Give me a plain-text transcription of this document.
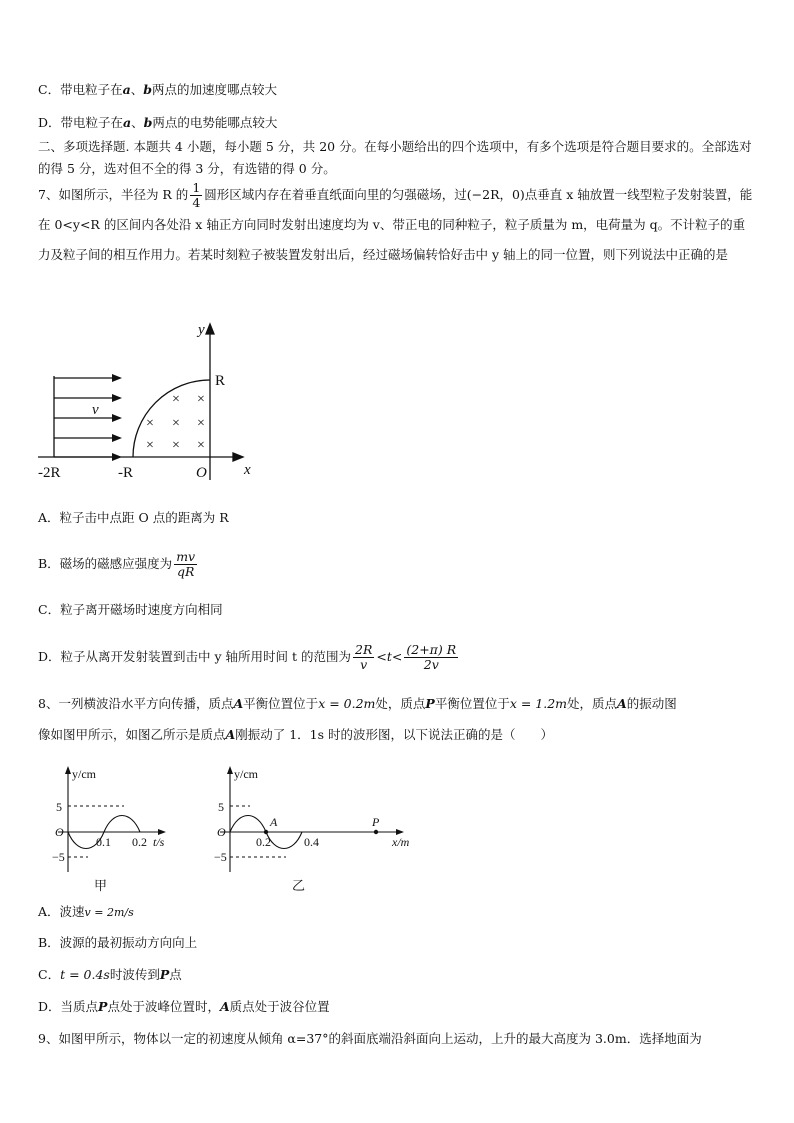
C．带电粒子在a、b两点的加速度哪点较大
D．带电粒子在a、b两点的电势能哪点较大
二、多项选择题. 本题共 4 小题，每小题 5 分，共 20 分。在每小题给出的四个选项中，有多个选项是符合题目要求的。全部选对的得 5 分，选对但不全的得 3 分，有选错的得 0 分。
7、如图所示，半径为 R 的 $\frac{1}{4}$ 圆形区域内存在着垂直纸面向里的匀强磁场，过(−2R，0)点垂直 x 轴放置一线型粒子发射装置，能在 0<y<R 的区间内各处沿 x 轴正方向同时发射出速度均为 v、带正电的同种粒子，粒子质量为 m，电荷量为 q。不计粒子的重力及粒子间的相互作用力。若某时刻粒子被装置发射出后，经过磁场偏转恰好击中 y 轴上的同一位置，则下列说法中正确的是
y
x
R
v
-2R	-R	O
× ×
× × ×
× × ×
A．粒子击中点距 O 点的距离为 R
B．磁场的磁感应强度为 $\frac{mv}{qR}$
C．粒子离开磁场时速度方向相同
D．粒子从离开发射装置到击中 y 轴所用时间 t 的范围为 $\frac{2R}{v} <t< \frac{(2+\pi) R}{2v}$
8、一列横波沿水平方向传播，质点A平衡位置位于x = 0.2m处，质点P平衡位置位于x = 1.2m处，质点A的振动图
像如图甲所示，如图乙所示是质点A刚振动了 1．1s 时的波形图，以下说法正确的是（　　）
y/cm
5
−5
O
0.1 0.2 t/s
甲
y/cm
5
−5
O
A	P
0.2	0.4	x/m
乙
A．波速v = 2m/s
B．波源的最初振动方向向上
C．t = 0.4s时波传到P点
D．当质点P点处于波峰位置时，A质点处于波谷位置
9、如图甲所示，物体以一定的初速度从倾角 α=37°的斜面底端沿斜面向上运动，上升的最大高度为 3.0m．选择地面为
